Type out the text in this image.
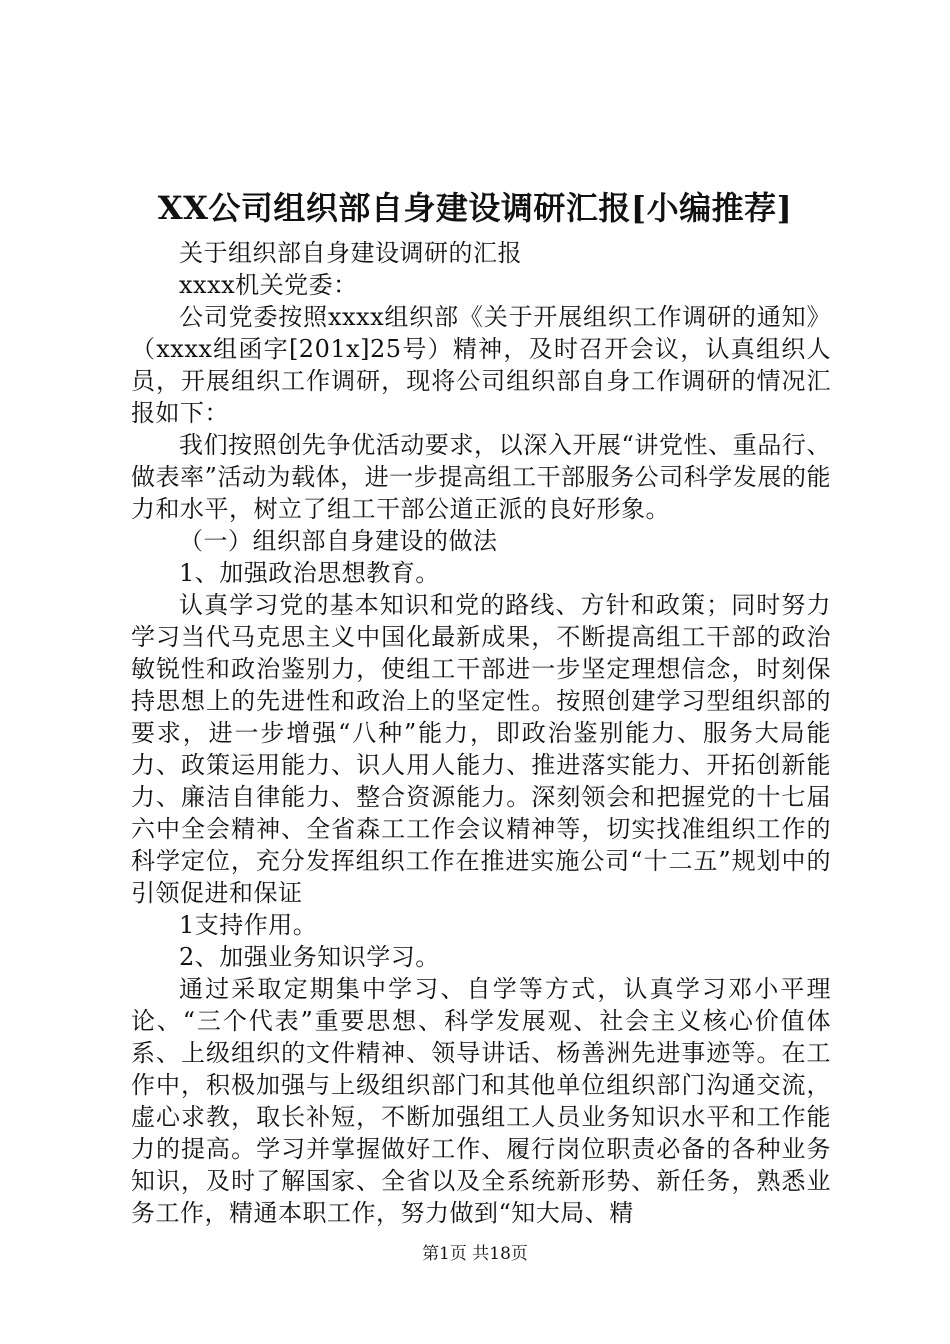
XX公司组织部自身建设调研汇报[小编推荐]

关于组织部自身建设调研的汇报

xxxx机关党委：

公司党委按照xxxx组织部《关于开展组织工作调研的通知》（xxxx组函字[201x]25号）精神，及时召开会议，认真组织人员，开展组织工作调研，现将公司组织部自身工作调研的情况汇报如下：

我们按照创先争优活动要求，以深入开展“讲党性、重品行、做表率”活动为载体，进一步提高组工干部服务公司科学发展的能力和水平，树立了组工干部公道正派的良好形象。

（一）组织部自身建设的做法

1、加强政治思想教育。

认真学习党的基本知识和党的路线、方针和政策；同时努力学习当代马克思主义中国化最新成果，不断提高组工干部的政治敏锐性和政治鉴别力，使组工干部进一步坚定理想信念，时刻保持思想上的先进性和政治上的坚定性。按照创建学习型组织部的要求，进一步增强“八种”能力，即政治鉴别能力、服务大局能力、政策运用能力、识人用人能力、推进落实能力、开拓创新能力、廉洁自律能力、整合资源能力。深刻领会和把握党的十七届六中全会精神、全省森工工作会议精神等，切实找准组织工作的科学定位，充分发挥组织工作在推进实施公司“十二五”规划中的引领促进和保证

1支持作用。

2、加强业务知识学习。

通过采取定期集中学习、自学等方式，认真学习邓小平理论、“三个代表”重要思想、科学发展观、社会主义核心价值体系、上级组织的文件精神、领导讲话、杨善洲先进事迹等。在工作中，积极加强与上级组织部门和其他单位组织部门沟通交流，虚心求教，取长补短，不断加强组工人员业务知识水平和工作能力的提高。学习并掌握做好工作、履行岗位职责必备的各种业务知识，及时了解国家、全省以及全系统新形势、新任务，熟悉业务工作，精通本职工作，努力做到“知大局、精

第1页 共18页
